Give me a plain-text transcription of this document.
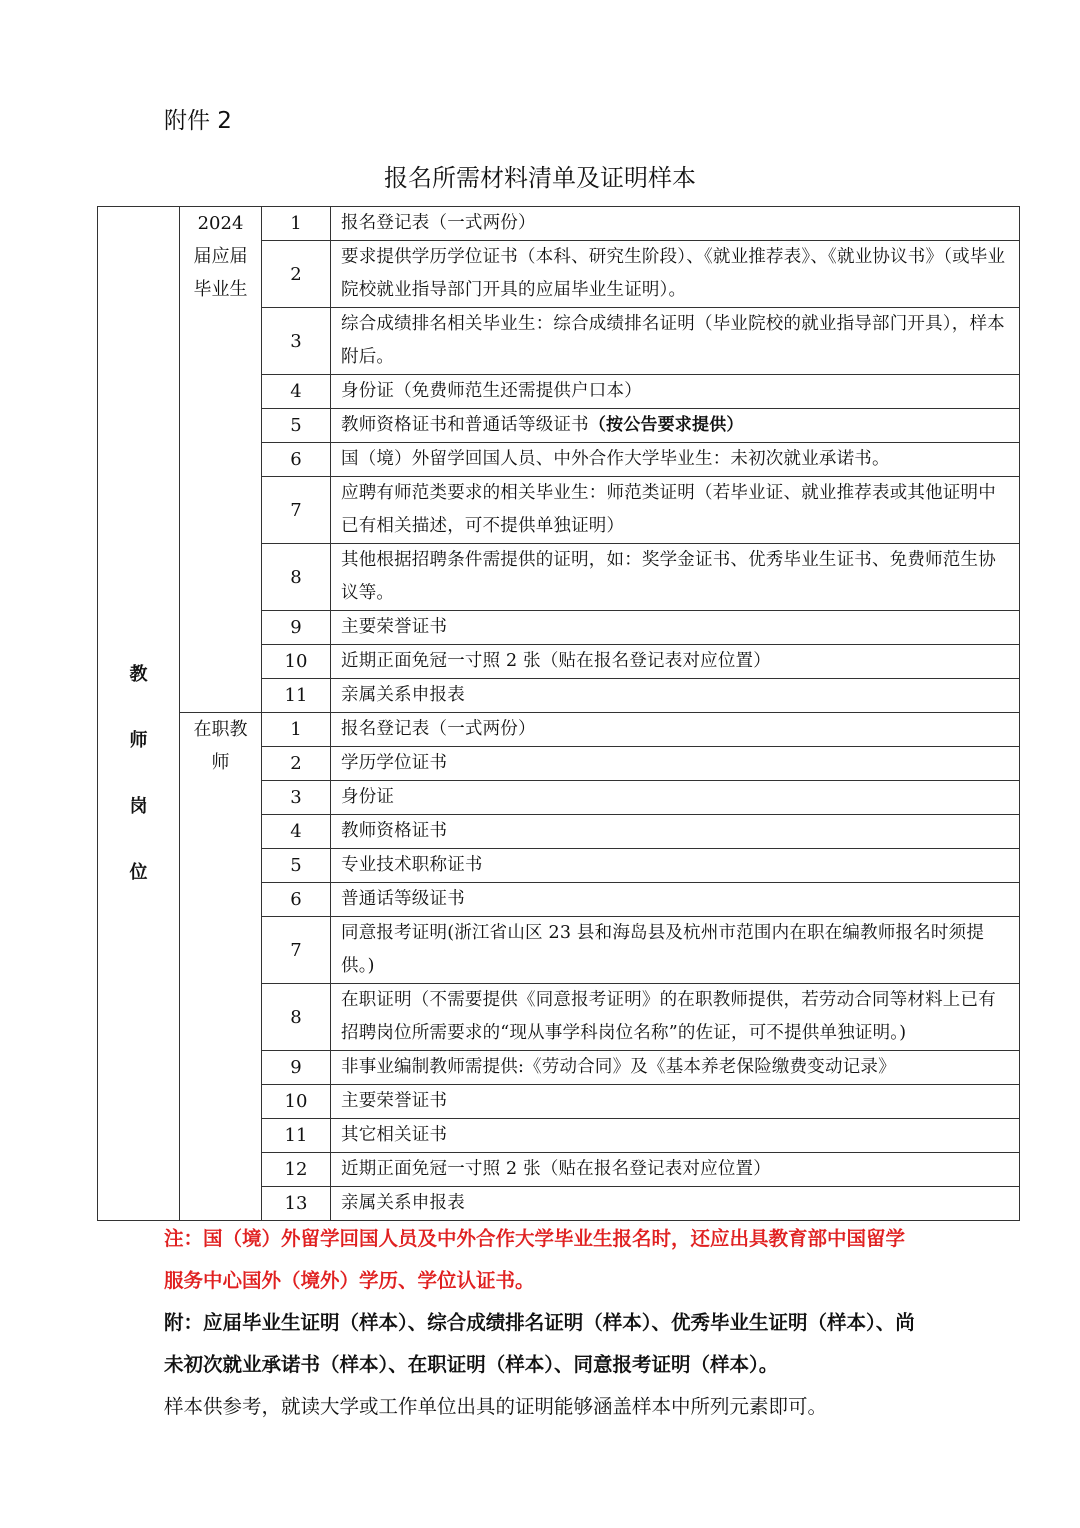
附件 2
报名所需材料清单及证明样本
教
师
岗
位	2024 届应届毕业生	1	报名登记表（一式两份）
		2	要求提供学历学位证书（本科、研究生阶段）、《就业推荐表》、《就业协议书》（或毕业院校就业指导部门开具的应届毕业生证明）。
		3	综合成绩排名相关毕业生：综合成绩排名证明（毕业院校的就业指导部门开具），样本附后。
		4	身份证（免费师范生还需提供户口本）
		5	教师资格证书和普通话等级证书（按公告要求提供）
		6	国（境）外留学回国人员、中外合作大学毕业生：未初次就业承诺书。
		7	应聘有师范类要求的相关毕业生：师范类证明（若毕业证、就业推荐表或其他证明中已有相关描述，可不提供单独证明）
		8	其他根据招聘条件需提供的证明，如：奖学金证书、优秀毕业生证书、免费师范生协议等。
		9	主要荣誉证书
		10	近期正面免冠一寸照 2 张（贴在报名登记表对应位置）
		11	亲属关系申报表
	在职教师	1	报名登记表（一式两份）
		2	学历学位证书
		3	身份证
		4	教师资格证书
		5	专业技术职称证书
		6	普通话等级证书
		7	同意报考证明(浙江省山区 23 县和海岛县及杭州市范围内在职在编教师报名时须提供。)
		8	在职证明（不需要提供《同意报考证明》的在职教师提供，若劳动合同等材料上已有招聘岗位所需要求的“现从事学科岗位名称”的佐证，可不提供单独证明。)
		9	非事业编制教师需提供:《劳动合同》及《基本养老保险缴费变动记录》
		10	主要荣誉证书
		11	其它相关证书
		12	近期正面免冠一寸照 2 张（贴在报名登记表对应位置）
		13	亲属关系申报表
注：国（境）外留学回国人员及中外合作大学毕业生报名时，还应出具教育部中国留学服务中心国外（境外）学历、学位认证书。
附：应届毕业生证明（样本）、综合成绩排名证明（样本）、优秀毕业生证明（样本）、尚未初次就业承诺书（样本）、在职证明（样本）、同意报考证明（样本）。
样本供参考，就读大学或工作单位出具的证明能够涵盖样本中所列元素即可。
